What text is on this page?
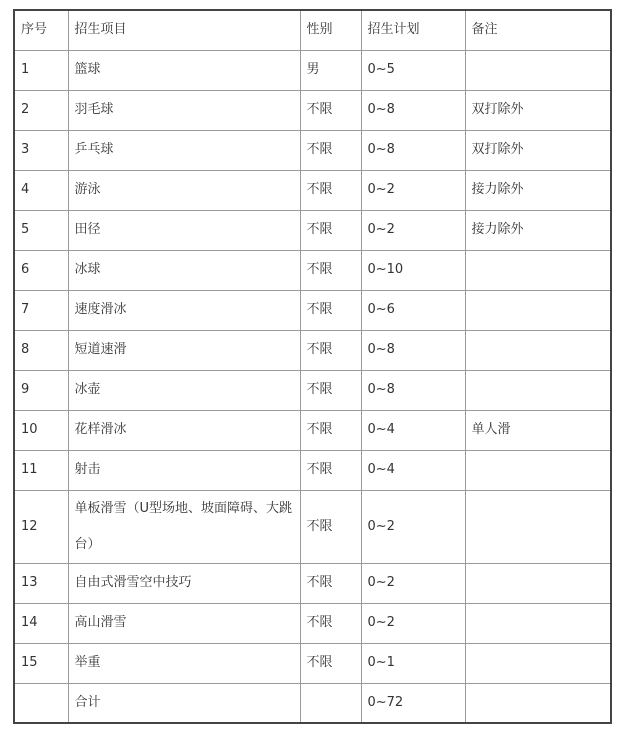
序号	招生项目	性别	招生计划	备注
1	篮球	男	0~5	
2	羽毛球	不限	0~8	双打除外
3	乒乓球	不限	0~8	双打除外
4	游泳	不限	0~2	接力除外
5	田径	不限	0~2	接力除外
6	冰球	不限	0~10	
7	速度滑冰	不限	0~6	
8	短道速滑	不限	0~8	
9	冰壶	不限	0~8	
10	花样滑冰	不限	0~4	单人滑
11	射击	不限	0~4	
12	单板滑雪（U型场地、坡面障碍、大跳台）	不限	0~2	
13	自由式滑雪空中技巧	不限	0~2	
14	高山滑雪	不限	0~2	
15	举重	不限	0~1	
	合计		0~72	
